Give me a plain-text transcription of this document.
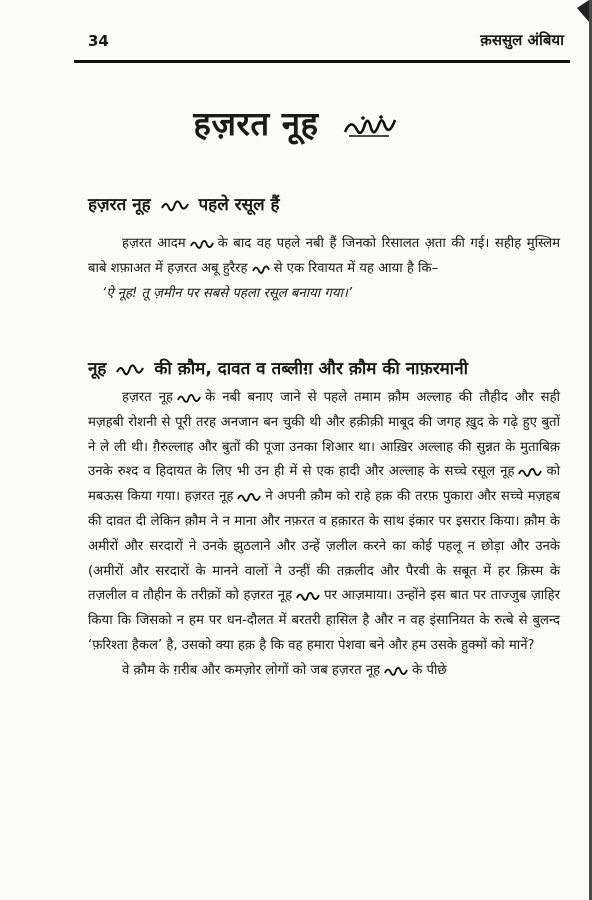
34	क़ससुल अंबिया
हज़रत नूह
हज़रत नूह	पहले रसूल हैं

हज़रत आदम के बाद वह पहले नबी हैं जिनको रिसालत अ़ता की गई। सहीह मुस्लिम बाबे शफ़ाअत में हज़रत अबू हुरैरह से एक रिवायत में यह आया है कि–

‘ऐ नूह! तू ज़मीन पर सबसे पहला रसूल बनाया गया।’

नूह	की क़ौम, दावत व तब्लीग़ और क़ौम की नाफ़रमानी

हज़रत नूह के नबी बनाए जाने से पहले तमाम क़ौम अल्लाह की तौहीद और सही मज़हबी रोशनी से पूरी तरह अनजान बन चुकी थी और हक़ीक़ी माबूद की जगह ख़ुद के गढ़े हुए बुतों ने ले ली थी। ग़ैरुल्लाह और बुतों की पूजा उनका शिआर था। आख़िर अल्लाह की सुन्नत के मुताबिक़ उनके रुश्द व हिदायत के लिए भी उन ही में से एक हादी और अल्लाह के सच्चे रसूल नूह को मबऊस किया गया। हज़रत नूह ने अपनी क़ौम को राहे हक़ की तरफ़ पुकारा और सच्चे मज़हब की दावत दी लेकिन क़ौम ने न माना और नफ़रत व हक़ारत के साथ इंकार पर इसरार किया। क़ौम के अमीरों और सरदारों ने उनके झुठलाने और उन्हें ज़लील करने का कोई पहलू न छोड़ा और उनके (अमीरों और सरदारों के मानने वालों ने उन्हीं की तक़लीद और पैरवी के सबूत में हर क़िस्म के तज़लील व तौहीन के तरीक़ों को हज़रत नूह पर आज़माया। उन्होंने इस बात पर ताज्जुब ज़ाहिर किया कि जिसको न हम पर धन-दौलत में बरतरी हासिल है और न वह इंसानियत के रुत्बे से बुलन्द ‘फ़रिश्ता हैकल’ है, उसको क्या हक़ है कि वह हमारा पेशवा बने और हम उसके हुक्मों को मानें?

वे क़ौम के ग़रीब और कमज़ोर लोगों को जब हज़रत नूह के पीछे
